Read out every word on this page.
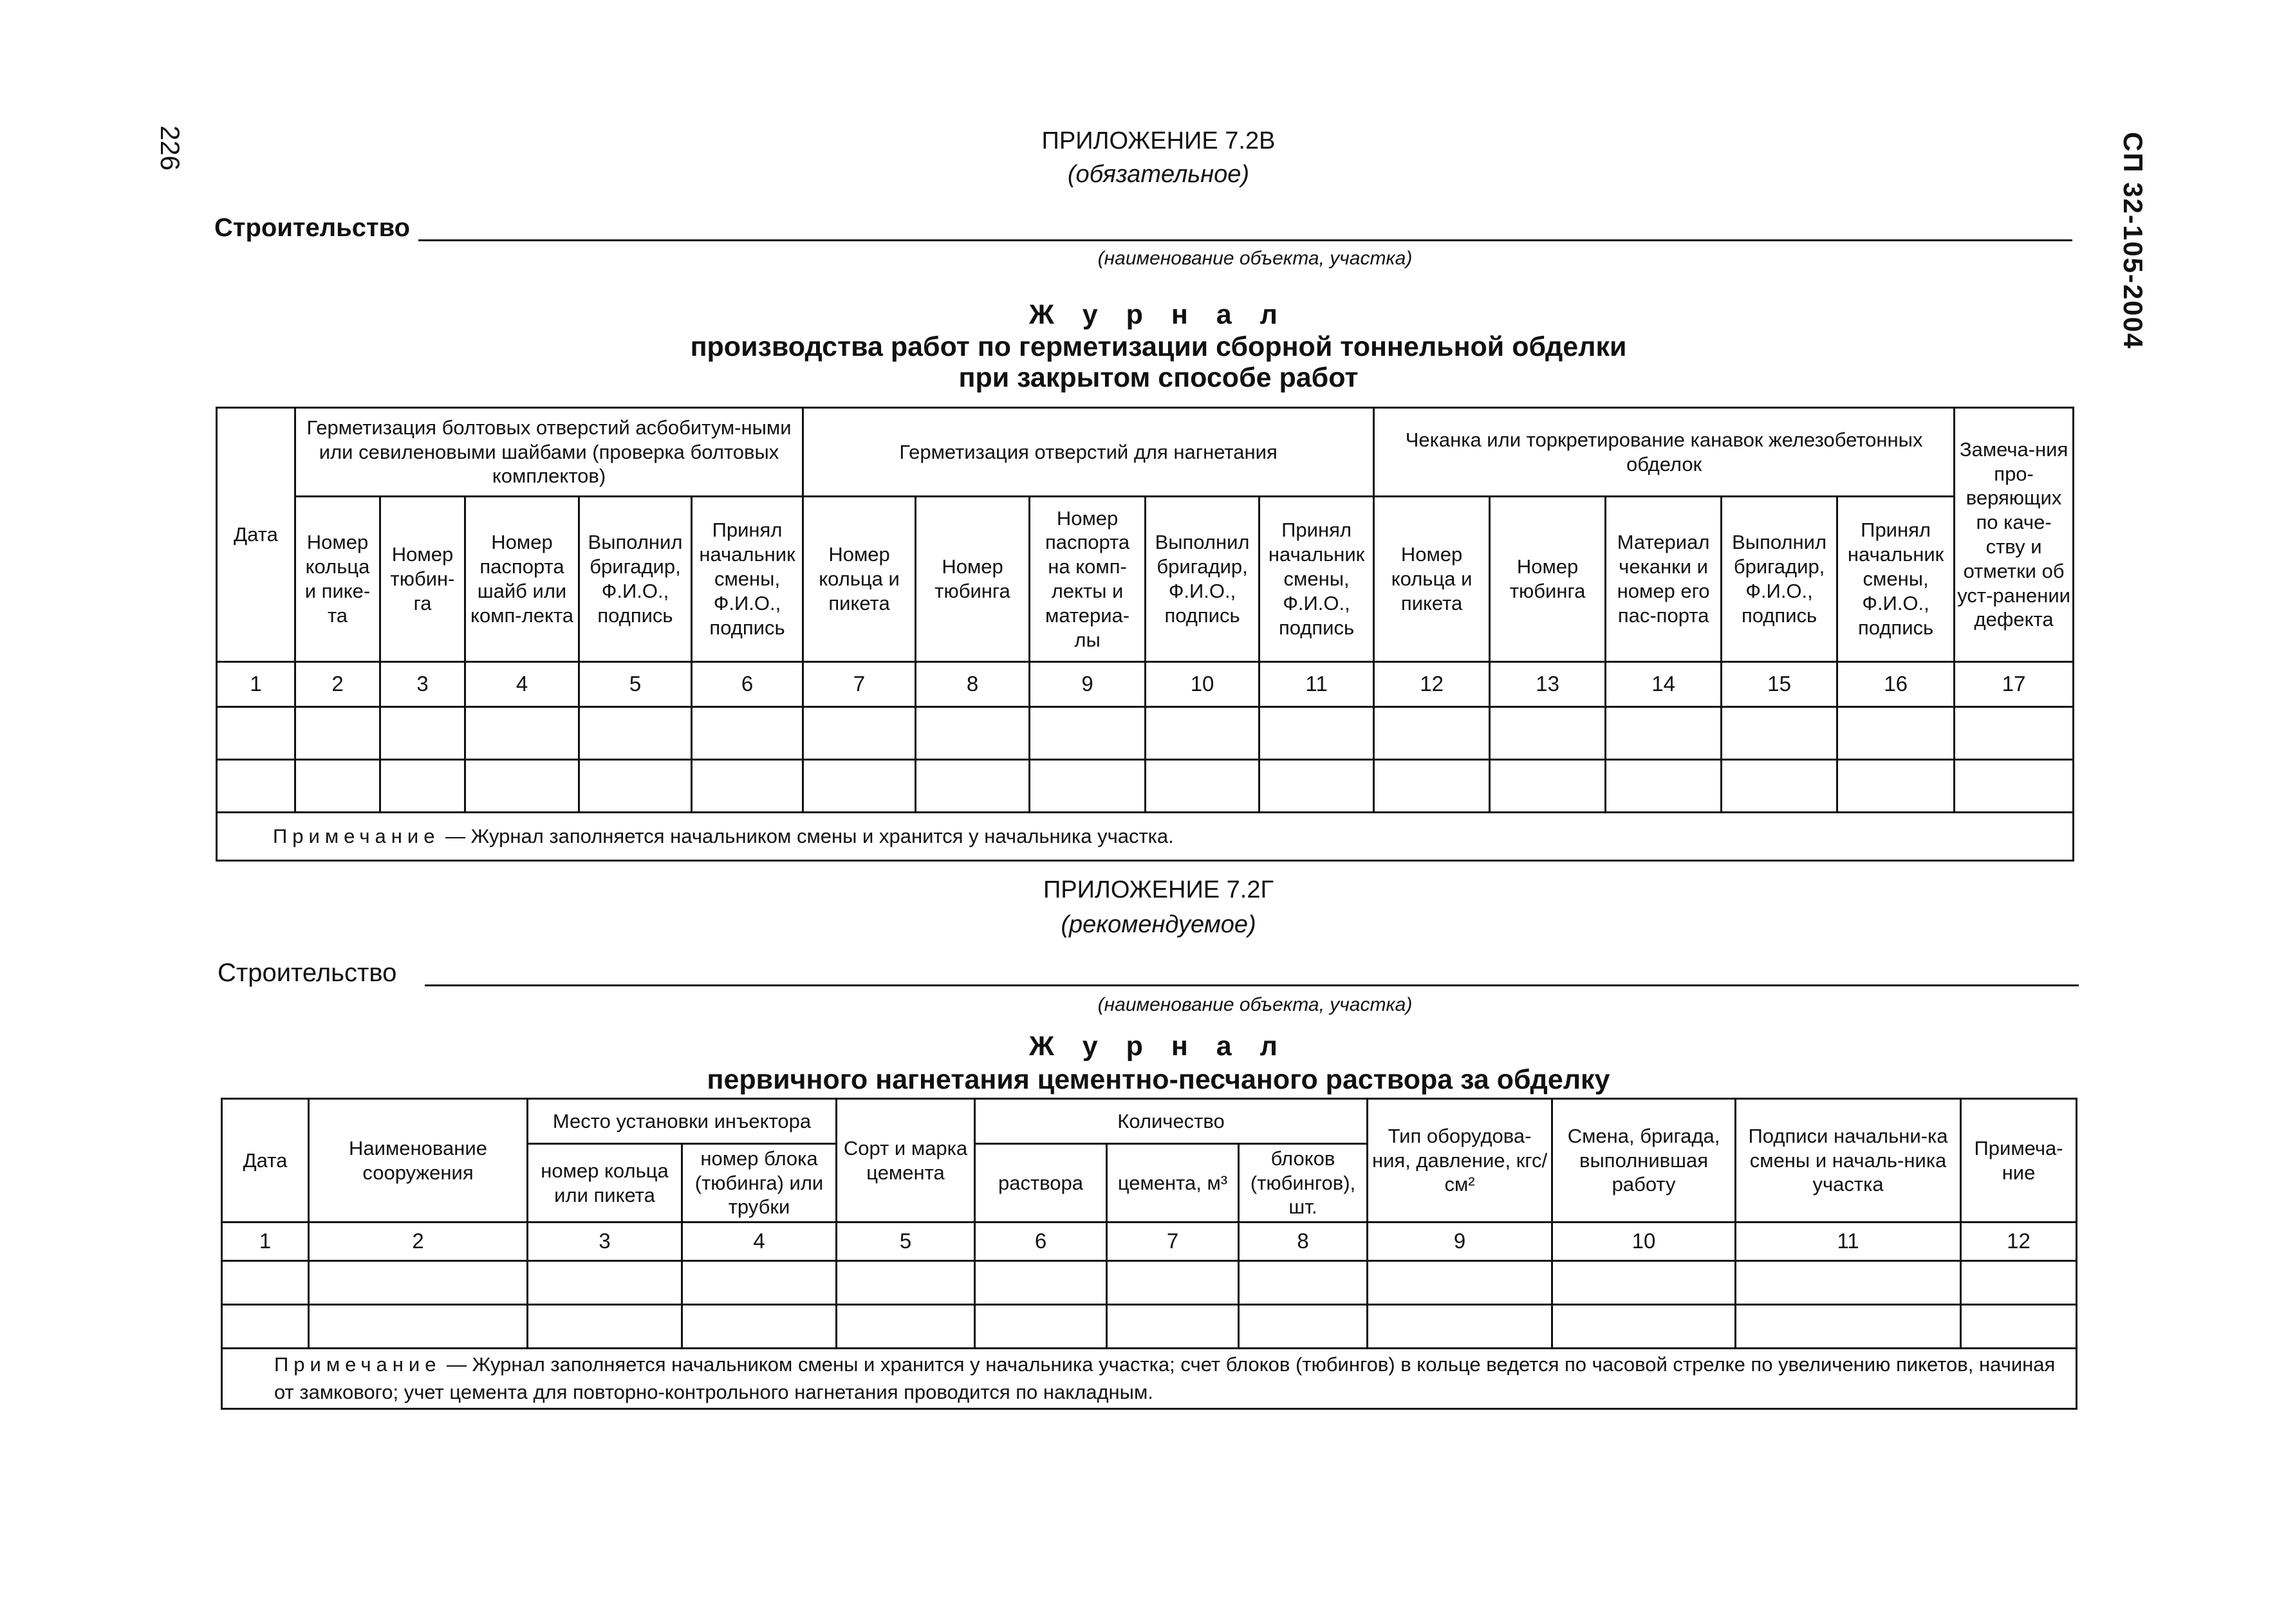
226	СП 32-105-2004
ПРИЛОЖЕНИЕ 7.2В
(обязательное)
Строительство
(наименование объекта, участка)
Ж у р н а л
производства работ по герметизации сборной тоннельной обделки
при закрытом способе работ
Дата	Герметизация болтовых отверстий асбобитум-ными или севиленовыми шайбами (проверка болтовых комплектов)					Герметизация отверстий для нагнетания					Чеканка или торкретирование канавок железобетонных обделок					Замеча-ния про-веряющих по каче-ству и отметки об уст-ранении дефекта
	Номер кольца и пике-та	Номер тюбин-га	Номер паспорта шайб или комп-лекта	Выполнил бригадир, Ф.И.О., подпись	Принял начальник смены, Ф.И.О., подпись	Номер кольца и пикета	Номер тюбинга	Номер паспорта на комп-лекты и материа-лы	Выполнил бригадир, Ф.И.О., подпись	Принял начальник смены, Ф.И.О., подпись	Номер кольца и пикета	Номер тюбинга	Материал чеканки и номер его пас-порта	Выполнил бригадир, Ф.И.О., подпись	Принял начальник смены, Ф.И.О., подпись	
1	2	3	4	5	6	7	8	9	10	11	12	13	14	15	16	17

Примечание — Журнал заполняется начальником смены и хранится у начальника участка.																
ПРИЛОЖЕНИЕ 7.2Г
(рекомендуемое)
Строительство
(наименование объекта, участка)
Ж у р н а л
первичного нагнетания цементно-песчаного раствора за обделку
Дата	Наименование сооружения	Место установки инъектора		Сорт и марка цемента	Количество			Тип оборудова-ния, давление, кгс/см²	Смена, бригада, выполнившая работу	Подписи начальни-ка смены и началь-ника участка	Примеча-ние
		номер кольца или пикета	номер блока (тюбинга) или трубки		раствора	цемента, м³	блоков (тюбингов), шт.				
1	2	3	4	5	6	7	8	9	10	11	12

Примечание — Журнал заполняется начальником смены и хранится у начальника участка; счет блоков (тюбингов) в кольце ведется по часовой стрелке по увеличению пикетов, начиная от замкового; учет цемента для повторно-контрольного нагнетания проводится по накладным.											
